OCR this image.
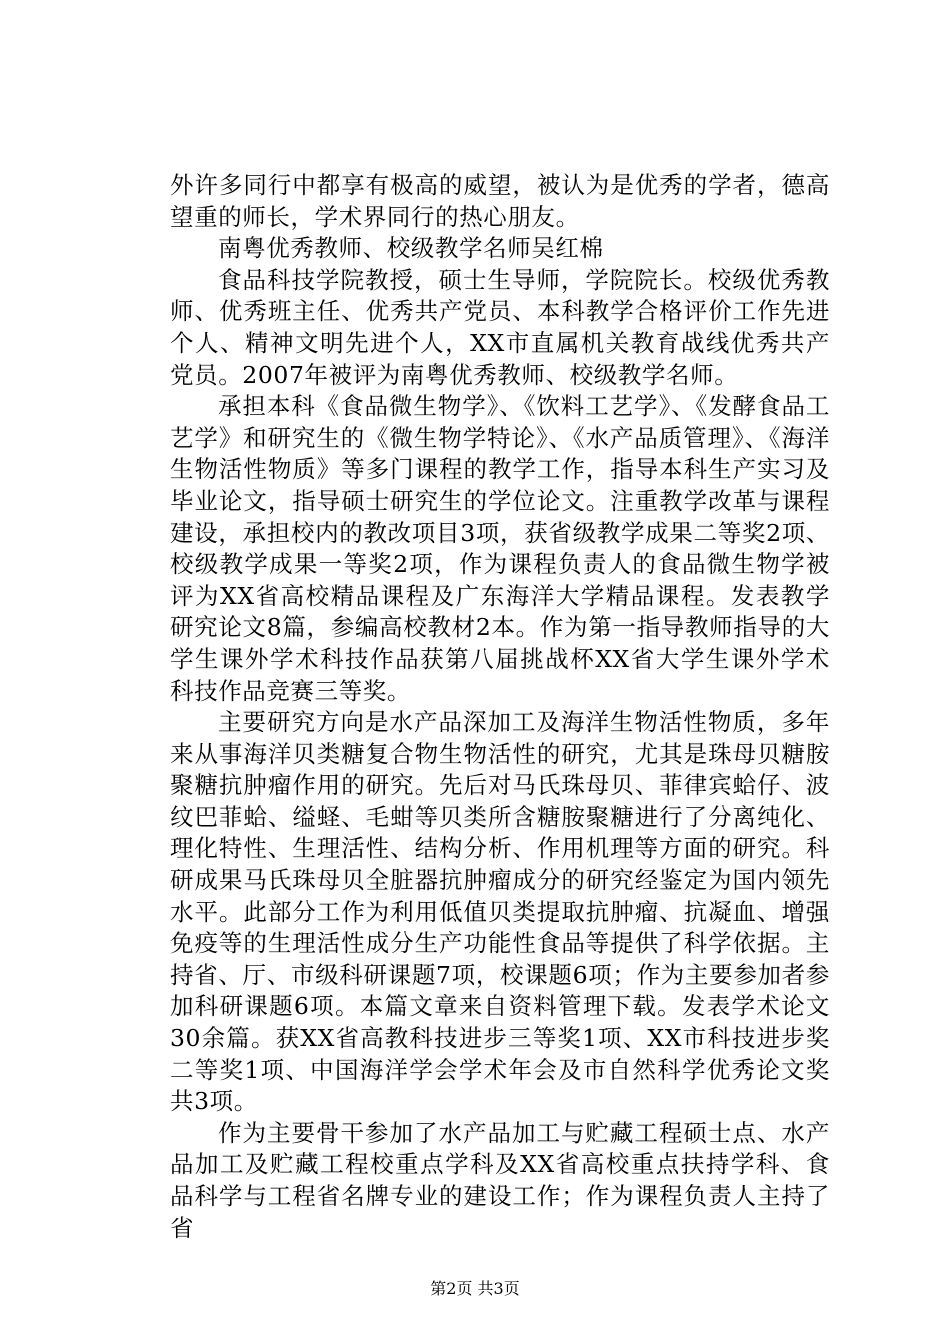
外许多同行中都享有极高的威望，被认为是优秀的学者，德高望重的师长，学术界同行的热心朋友。

南粤优秀教师、校级教学名师吴红棉

食品科技学院教授，硕士生导师，学院院长。校级优秀教师、优秀班主任、优秀共产党员、本科教学合格评价工作先进个人、精神文明先进个人，XX市直属机关教育战线优秀共产党员。2007年被评为南粤优秀教师、校级教学名师。

承担本科《食品微生物学》、《饮料工艺学》、《发酵食品工艺学》和研究生的《微生物学特论》、《水产品质管理》、《海洋生物活性物质》等多门课程的教学工作，指导本科生产实习及毕业论文，指导硕士研究生的学位论文。注重教学改革与课程建设，承担校内的教改项目3项，获省级教学成果二等奖2项、校级教学成果一等奖2项，作为课程负责人的食品微生物学被评为XX省高校精品课程及广东海洋大学精品课程。发表教学研究论文8篇，参编高校教材2本。作为第一指导教师指导的大学生课外学术科技作品获第八届挑战杯XX省大学生课外学术科技作品竞赛三等奖。

主要研究方向是水产品深加工及海洋生物活性物质，多年来从事海洋贝类糖复合物生物活性的研究，尤其是珠母贝糖胺聚糖抗肿瘤作用的研究。先后对马氏珠母贝、菲律宾蛤仔、波纹巴菲蛤、缢蛏、毛蚶等贝类所含糖胺聚糖进行了分离纯化、理化特性、生理活性、结构分析、作用机理等方面的研究。科研成果马氏珠母贝全脏器抗肿瘤成分的研究经鉴定为国内领先水平。此部分工作为利用低值贝类提取抗肿瘤、抗凝血、增强免疫等的生理活性成分生产功能性食品等提供了科学依据。主持省、厅、市级科研课题7项，校课题6项；作为主要参加者参加科研课题6项。本篇文章来自资料管理下载。发表学术论文30余篇。获XX省高教科技进步三等奖1项、XX市科技进步奖二等奖1项、中国海洋学会学术年会及市自然科学优秀论文奖共3项。

作为主要骨干参加了水产品加工与贮藏工程硕士点、水产品加工及贮藏工程校重点学科及XX省高校重点扶持学科、食品科学与工程省名牌专业的建设工作；作为课程负责人主持了省

第2页 共3页
